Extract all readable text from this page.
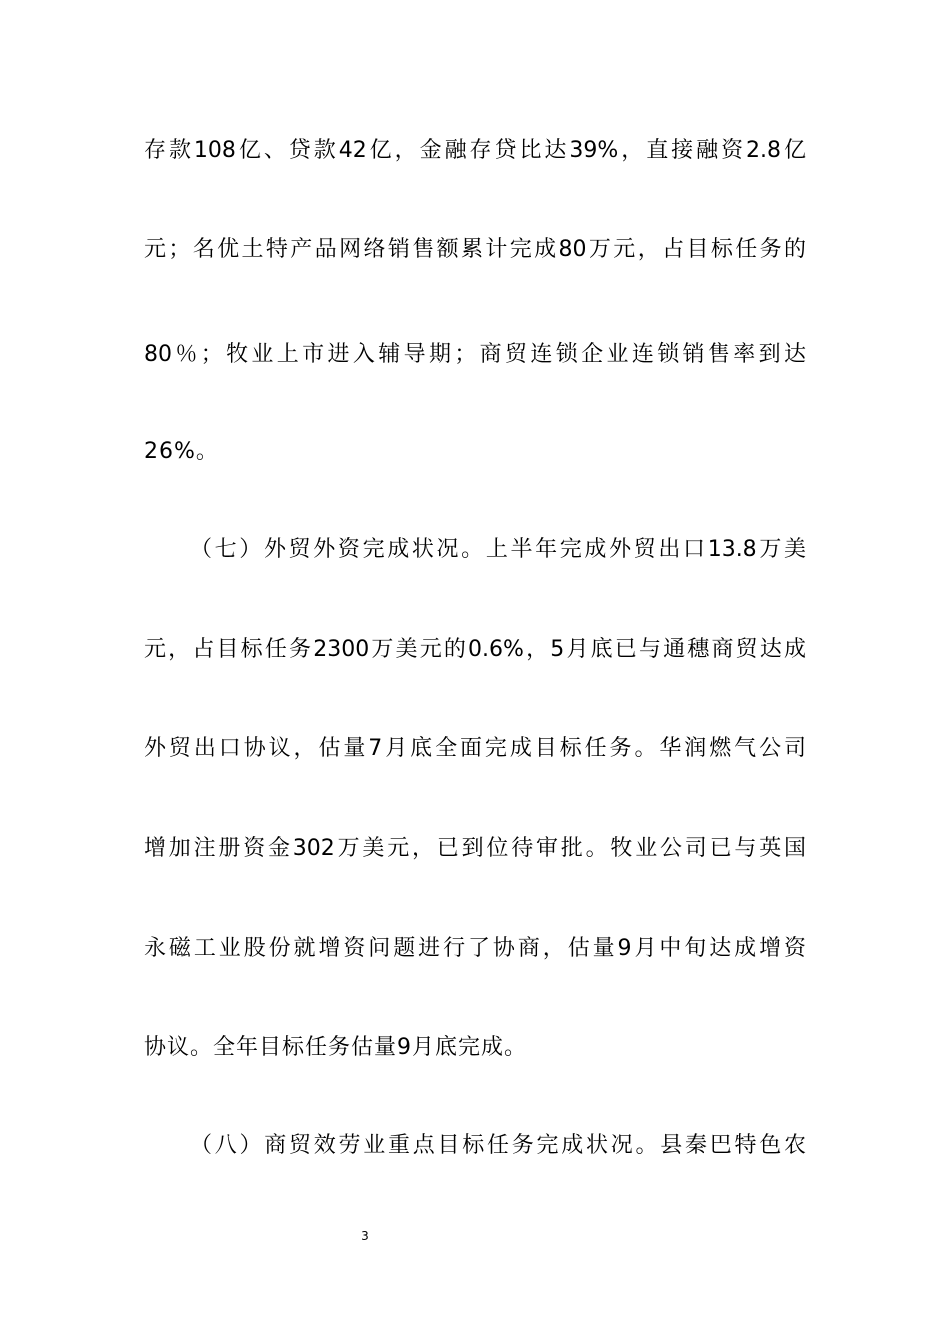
存款108亿、贷款42亿，金融存贷比达39%，直接融资2.8亿
元；名优土特产品网络销售额累计完成80万元，占目标任务的
80％；牧业上市进入辅导期；商贸连锁企业连锁销售率到达
26%。
（七）外贸外资完成状况。上半年完成外贸出口13.8万美
元，占目标任务2300万美元的0.6%，5月底已与通穗商贸达成
外贸出口协议，估量7月底全面完成目标任务。华润燃气公司
增加注册资金302万美元，已到位待审批。牧业公司已与英国
永磁工业股份就增资问题进行了协商，估量9月中旬达成增资
协议。全年目标任务估量9月底完成。
（八）商贸效劳业重点目标任务完成状况。县秦巴特色农
3
